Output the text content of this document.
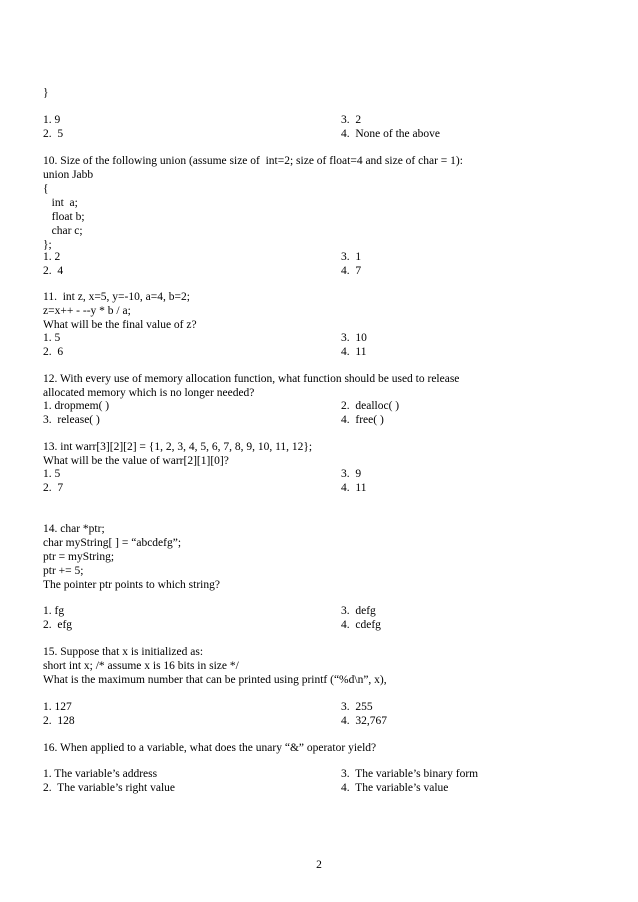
}
1. 9
2.  5
3.  2
4.  None of the above
10. Size of the following union (assume size of  int=2; size of float=4 and size of char = 1):
union Jabb
{
int  a;
float b;
char c;
};
1. 2
2.  4
3.  1
4.  7
11.  int z, x=5, y=-10, a=4, b=2;
z=x++ - --y * b / a;
What will be the final value of z?
1. 5
2.  6
3.  10
4.  11
12. With every use of memory allocation function, what function should be used to release
allocated memory which is no longer needed?
1. dropmem( )
3.  release( )
2.  dealloc( )
4.  free( )
13. int warr[3][2][2] = {1, 2, 3, 4, 5, 6, 7, 8, 9, 10, 11, 12};
What will be the value of warr[2][1][0]?
1. 5
2.  7
3.  9
4.  11
14. char *ptr;
char myString[ ] = “abcdefg”;
ptr = myString;
ptr += 5;
The pointer ptr points to which string?
1. fg
2.  efg
3.  defg
4.  cdefg
15. Suppose that x is initialized as:
short int x; /* assume x is 16 bits in size */
What is the maximum number that can be printed using printf (“%d\n”, x),
1. 127
2.  128
3.  255
4.  32,767
16. When applied to a variable, what does the unary “&” operator yield?
1. The variable’s address
2.  The variable’s right value
3.  The variable’s binary form
4.  The variable’s value
2
